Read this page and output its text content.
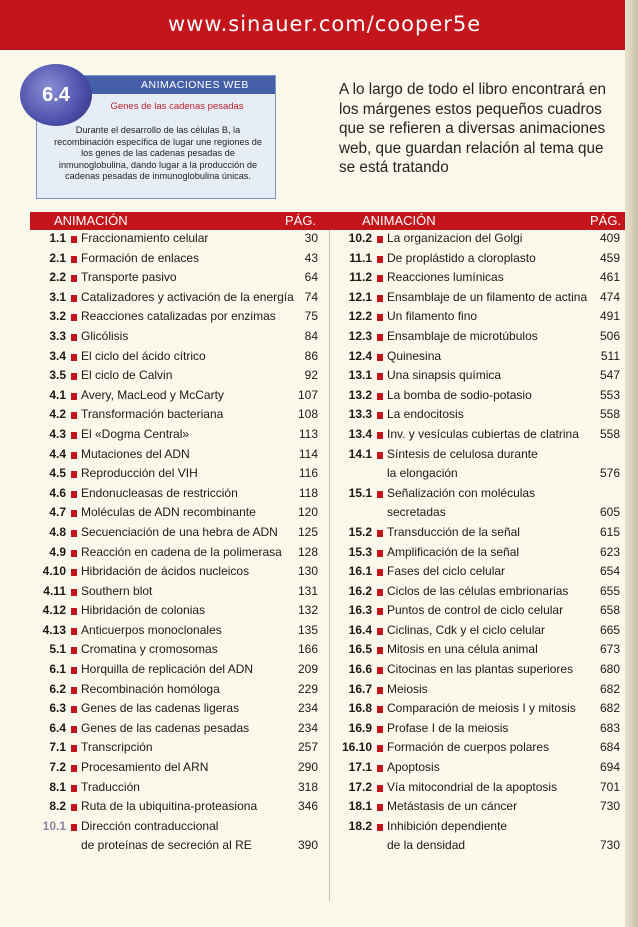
www.sinauer.com/cooper5e
ANIMACIONES WEB
Genes de las cadenas pesadas
Durante el desarrollo de las células B, la recombinación específica de lugar une regiones de los genes de las cadenas pesadas de inmunoglobulina, dando lugar a la producción de cadenas pesadas de inmunoglobulina únicas.
6.4	A lo largo de todo el libro encontrará en los márgenes estos pequeños cuadros que se refieren a diversas animaciones web, que guardan relación al tema que se está tratando
ANIMACIÓN	PÁG.	ANIMACIÓN	PÁG.
1.1 Fraccionamiento celular	30
2.1 Formación de enlaces	43
2.2 Transporte pasivo	64
3.1 Catalizadores y activación de la energía 74
3.2 Reacciones catalizadas por enzimas	75
3.3 Glicólisis	84
3.4 El ciclo del ácido cítrico	86
3.5 El ciclo de Calvin	92
4.1 Avery, MacLeod y McCarty	107
4.2 Transformación bacteriana	108
4.3 El «Dogma Central»	113
4.4 Mutaciones del ADN	114
4.5 Reproducción del VIH	116
4.6 Endonucleasas de restricción	118
4.7 Moléculas de ADN recombinante	120
4.8 Secuenciación de una hebra de ADN	125
4.9 Reacción en cadena de la polimerasa	128
4.10 Hibridación de ácidos nucleicos	130
4.11 Southern blot	131
4.12 Hibridación de colonias	132
4.13 Anticuerpos monoclonales	135
5.1 Cromatina y cromosomas	166
6.1 Horquilla de replicación del ADN	209
6.2 Recombinación homóloga	229
6.3 Genes de las cadenas ligeras	234
6.4 Genes de las cadenas pesadas	234
7.1 Transcripción	257
7.2 Procesamiento del ARN	290
8.1 Traducción	318
8.2 Ruta de la ubiquitina-proteasiona	346
10.1 Dirección contraduccional
de proteínas de secreción al RE	390
10.2 La organizacion del Golgi	409
11.1 De proplástido a cloroplasto	459
11.2 Reacciones lumínicas	461
12.1 Ensamblaje de un filamento de actina	474
12.2 Un filamento fino	491
12.3 Ensamblaje de microtúbulos	506
12.4 Quinesina	511
13.1 Una sinapsis química	547
13.2 La bomba de sodio-potasio	553
13.3 La endocitosis	558
13.4 Inv. y vesículas cubiertas de clatrina	558
14.1 Síntesis de celulosa durante
la elongación	576
15.1 Señalización con moléculas
secretadas	605
15.2 Transducción de la señal	615
15.3 Amplificación de la señal	623
16.1 Fases del ciclo celular	654
16.2 Ciclos de las células embrionarias	655
16.3 Puntos de control de ciclo celular	658
16.4 Ciclinas, Cdk y el ciclo celular	665
16.5 Mitosis en una célula animal	673
16.6 Citocinas en las plantas superiores	680
16.7 Meiosis	682
16.8 Comparación de meiosis I y mitosis	682
16.9 Profase I de la meiosis	683
16.10 Formación de cuerpos polares	684
17.1 Apoptosis	694
17.2 Vía mitocondrial de la apoptosis	701
18.1 Metástasis de un cáncer	730
18.2 Inhibición dependiente
de la densidad	730
